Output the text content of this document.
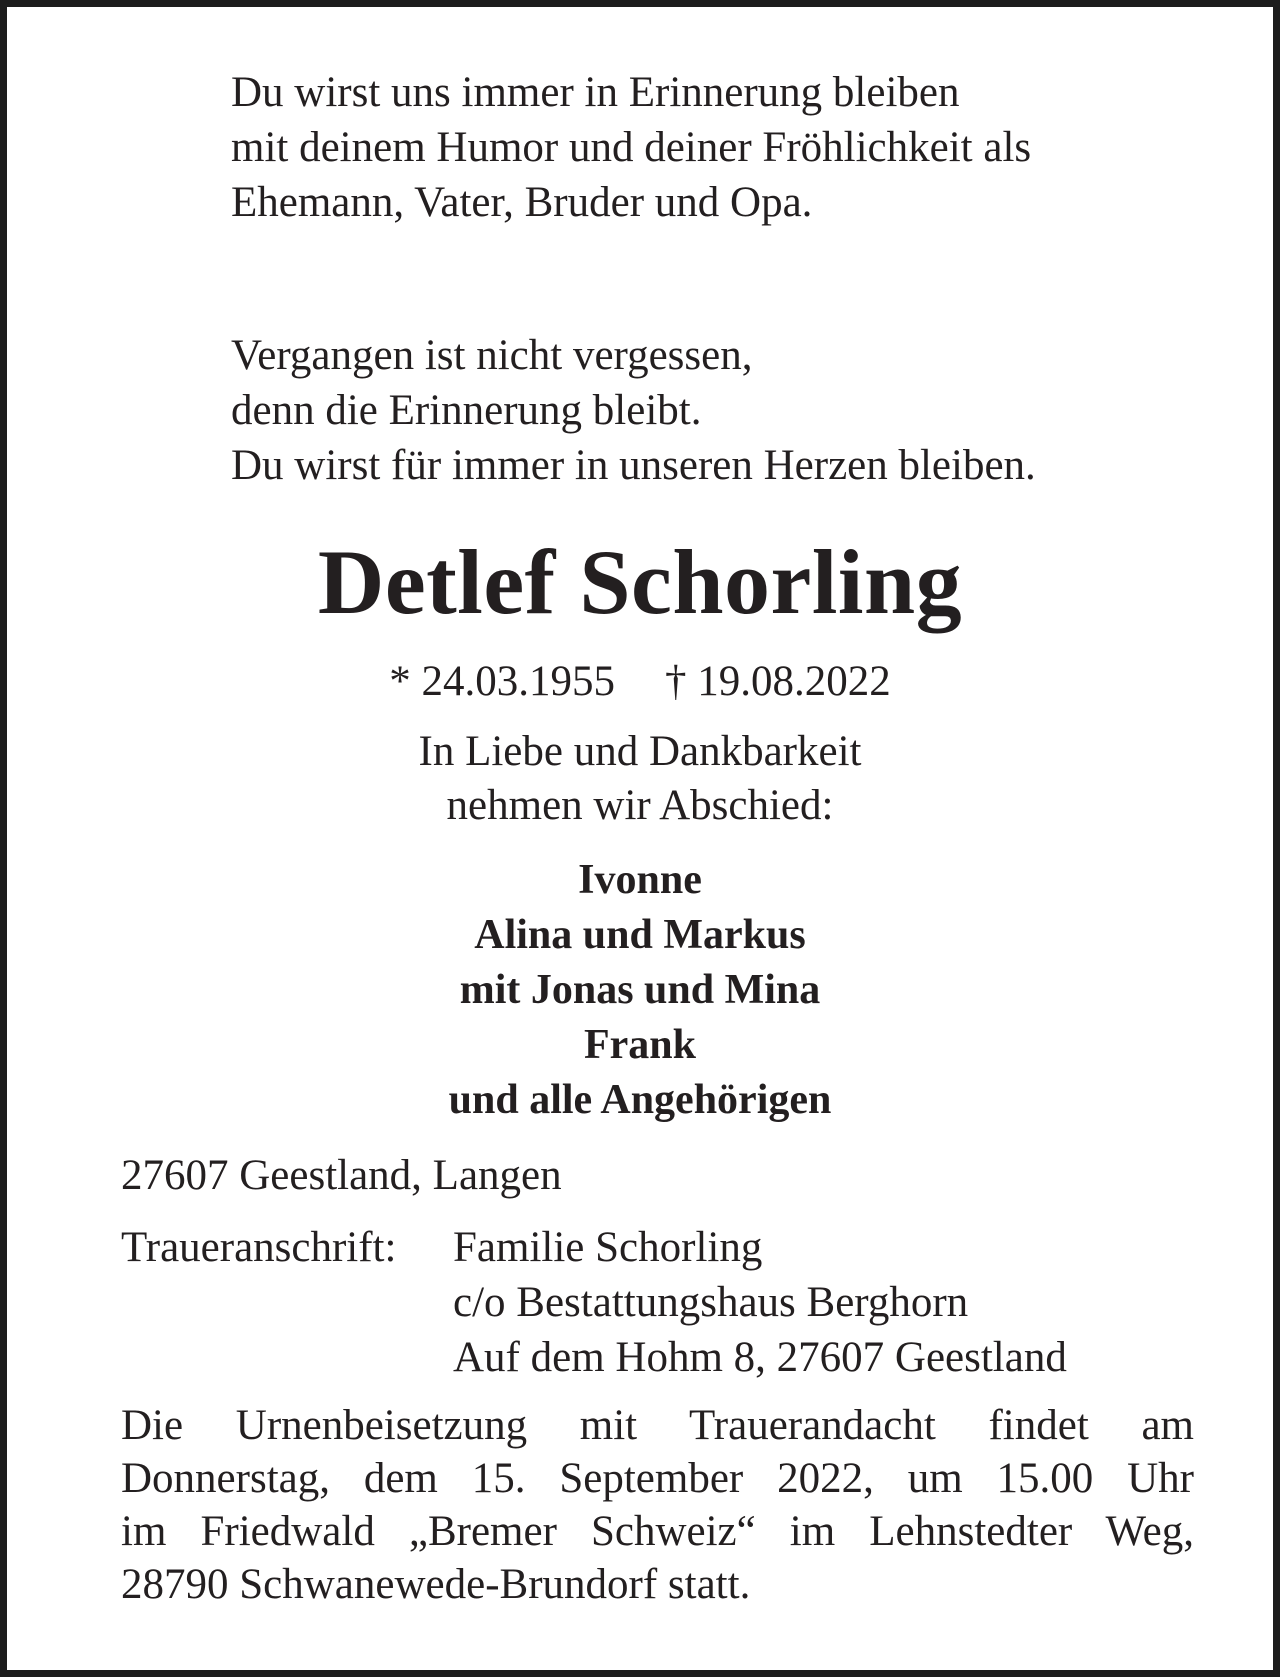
Du wirst uns immer in Erinnerung bleiben
mit deinem Humor und deiner Fröhlichkeit als
Ehemann, Vater, Bruder und Opa.
Vergangen ist nicht vergessen,
denn die Erinnerung bleibt.
Du wirst für immer in unseren Herzen bleiben.
Detlef Schorling
* 24.03.1955 † 19.08.2022
In Liebe und Dankbarkeit
nehmen wir Abschied:
Ivonne
Alina und Markus
mit Jonas und Mina
Frank
und alle Angehörigen
27607 Geestland, Langen
Traueranschrift:	Familie Schorling
c/o Bestattungshaus Berghorn
Auf dem Hohm 8, 27607 Geestland
Die Urnenbeisetzung mit Trauerandacht findet am
Donnerstag, dem 15. September 2022, um 15.00 Uhr
im Friedwald „Bremer Schweiz“ im Lehnstedter Weg,
28790 Schwanewede-Brundorf statt.
